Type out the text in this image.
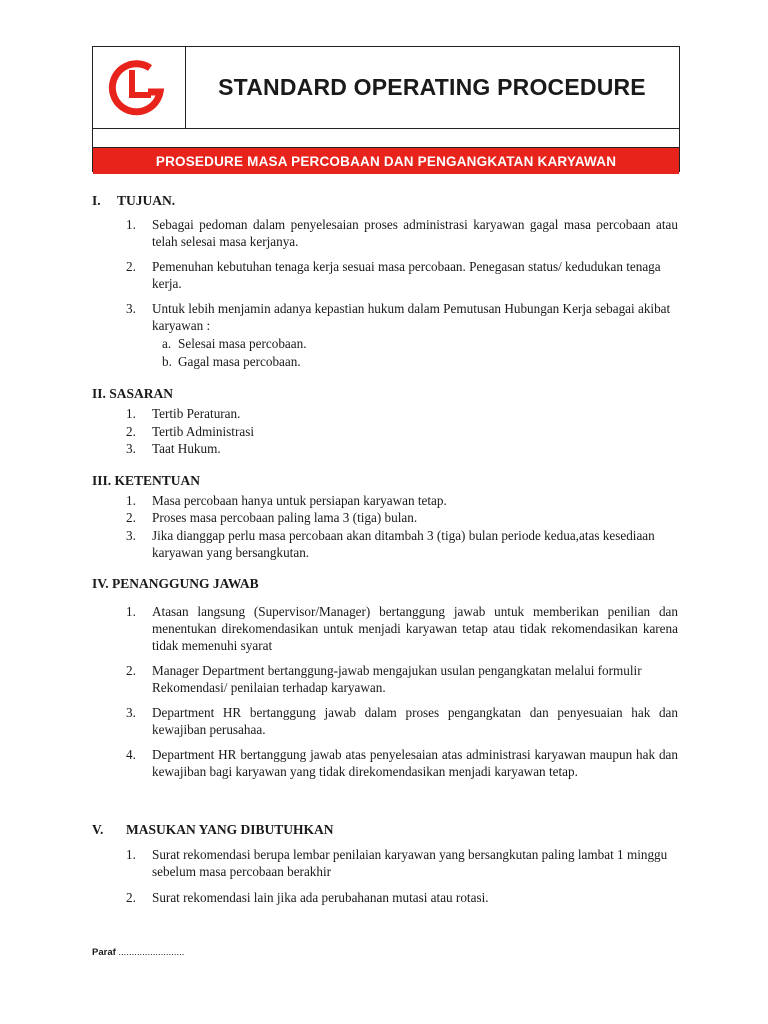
STANDARD OPERATING PROCEDURE
PROSEDURE MASA PERCOBAAN DAN PENGANGKATAN KARYAWAN
I. TUJUAN.
1. Sebagai pedoman dalam penyelesaian proses administrasi karyawan gagal masa percobaan atau telah selesai masa kerjanya.
2. Pemenuhan kebutuhan tenaga kerja sesuai masa percobaan. Penegasan status/ kedudukan tenaga kerja.
3. Untuk lebih menjamin adanya kepastian hukum dalam Pemutusan Hubungan Kerja sebagai akibat karyawan :
a. Selesai masa percobaan.
b. Gagal masa percobaan.
II. SASARAN
1. Tertib Peraturan.
2. Tertib Administrasi
3. Taat Hukum.
III. KETENTUAN
1. Masa percobaan hanya untuk persiapan karyawan tetap.
2. Proses masa percobaan paling lama 3 (tiga) bulan.
3. Jika dianggap perlu masa percobaan akan ditambah 3 (tiga) bulan periode kedua,atas kesediaan karyawan yang bersangkutan.
IV. PENANGGUNG JAWAB
1. Atasan langsung (Supervisor/Manager) bertanggung jawab untuk memberikan penilian dan menentukan direkomendasikan untuk menjadi karyawan tetap atau tidak rekomendasikan karena tidak memenuhi syarat
2. Manager Department bertanggung-jawab mengajukan usulan pengangkatan melalui formulir Rekomendasi/ penilaian terhadap karyawan.
3. Department HR bertanggung jawab dalam proses pengangkatan dan penyesuaian hak dan kewajiban perusahaa.
4. Department HR bertanggung jawab atas penyelesaian atas administrasi karyawan maupun hak dan kewajiban bagi karyawan yang tidak direkomendasikan menjadi karyawan tetap.
V. MASUKAN YANG DIBUTUHKAN
1. Surat rekomendasi berupa lembar penilaian karyawan yang bersangkutan paling lambat 1 minggu sebelum masa percobaan berakhir
2. Surat rekomendasi lain jika ada perubahanan mutasi atau rotasi.
Paraf .........................
